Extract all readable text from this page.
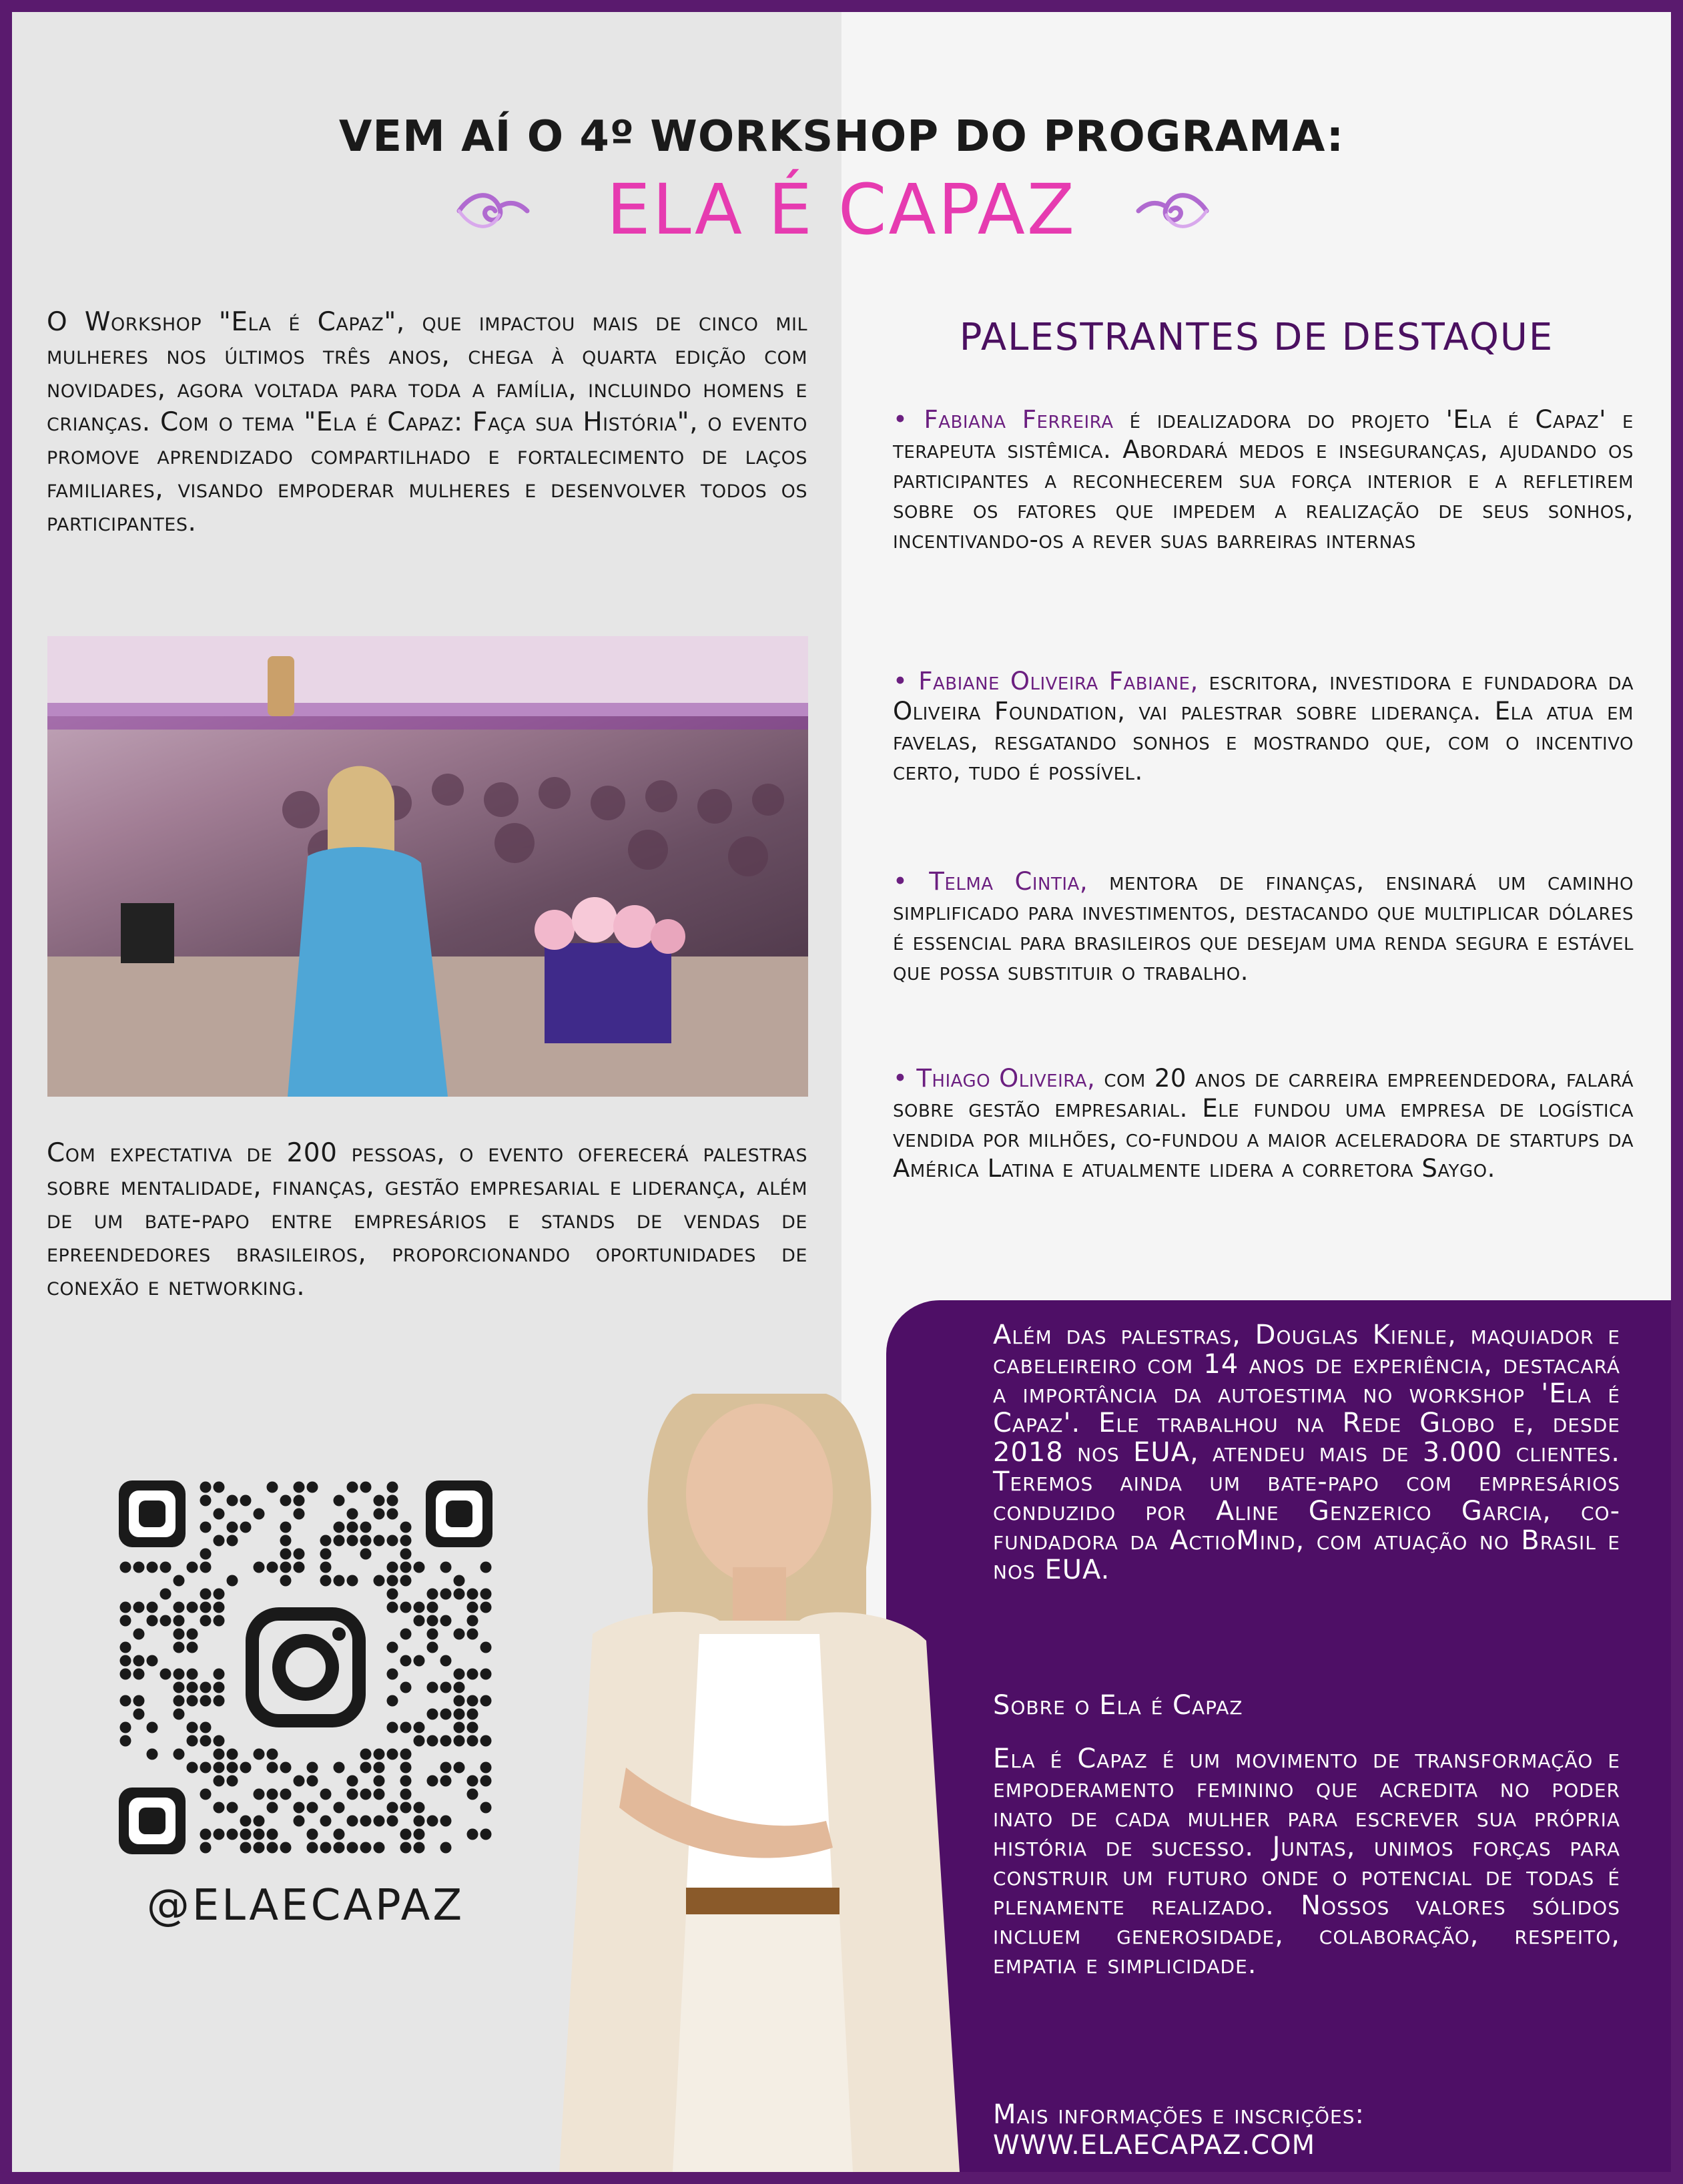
VEM AÍ O 4º WORKSHOP DO PROGRAMA:
ELA É CAPAZ
O Workshop "Ela é Capaz", que impactou mais de cinco mil mulheres nos últimos três anos, chega à quarta edição com novidades, agora voltada para toda a família, incluindo homens e crianças. Com o tema "Ela é Capaz: Faça sua História", o evento promove aprendizado compartilhado e fortalecimento de laços familiares, visando empoderar mulheres e desenvolver todos os participantes.
Com expectativa de 200 pessoas, o evento oferecerá palestras sobre mentalidade, finanças, gestão empresarial e liderança, além de um bate-papo entre empresários e stands de vendas de epreendedores brasileiros, proporcionando oportunidades de conexão e networking.
@ELAECAPAZ
PALESTRANTES DE DESTAQUE
• Fabiana Ferreira é idealizadora do projeto 'Ela é Capaz' e terapeuta sistêmica. Abordará medos e inseguranças, ajudando os participantes a reconhecerem sua força interior e a refletirem sobre os fatores que impedem a realização de seus sonhos, incentivando-os a rever suas barreiras internas
• Fabiane Oliveira Fabiane, escritora, investidora e fundadora da Oliveira Foundation, vai palestrar sobre liderança. Ela atua em favelas, resgatando sonhos e mostrando que, com o incentivo certo, tudo é possível.
• Telma Cintia, mentora de finanças, ensinará um caminho simplificado para investimentos, destacando que multiplicar dólares é essencial para brasileiros que desejam uma renda segura e estável que possa substituir o trabalho.
• Thiago Oliveira, com 20 anos de carreira empreendedora, falará sobre gestão empresarial. Ele fundou uma empresa de logística vendida por milhões, co-fundou a maior aceleradora de startups da América Latina e atualmente lidera a corretora Saygo.
Além das palestras, Douglas Kienle, maquiador e cabeleireiro com 14 anos de experiência, destacará a importância da autoestima no workshop 'Ela é Capaz'. Ele trabalhou na Rede Globo e, desde 2018 nos EUA, atendeu mais de 3.000 clientes. Teremos ainda um bate-papo com empresários conduzido por Aline Genzerico Garcia, co-fundadora da ActioMind, com atuação no Brasil e nos EUA.
Sobre o Ela é Capaz
Ela é Capaz é um movimento de transformação e empoderamento feminino que acredita no poder inato de cada mulher para escrever sua própria história de sucesso. Juntas, unimos forças para construir um futuro onde o potencial de todas é plenamente realizado. Nossos valores sólidos incluem generosidade, colaboração, respeito, empatia e simplicidade.
Mais informações e inscrições:
WWW.ELAECAPAZ.COM
